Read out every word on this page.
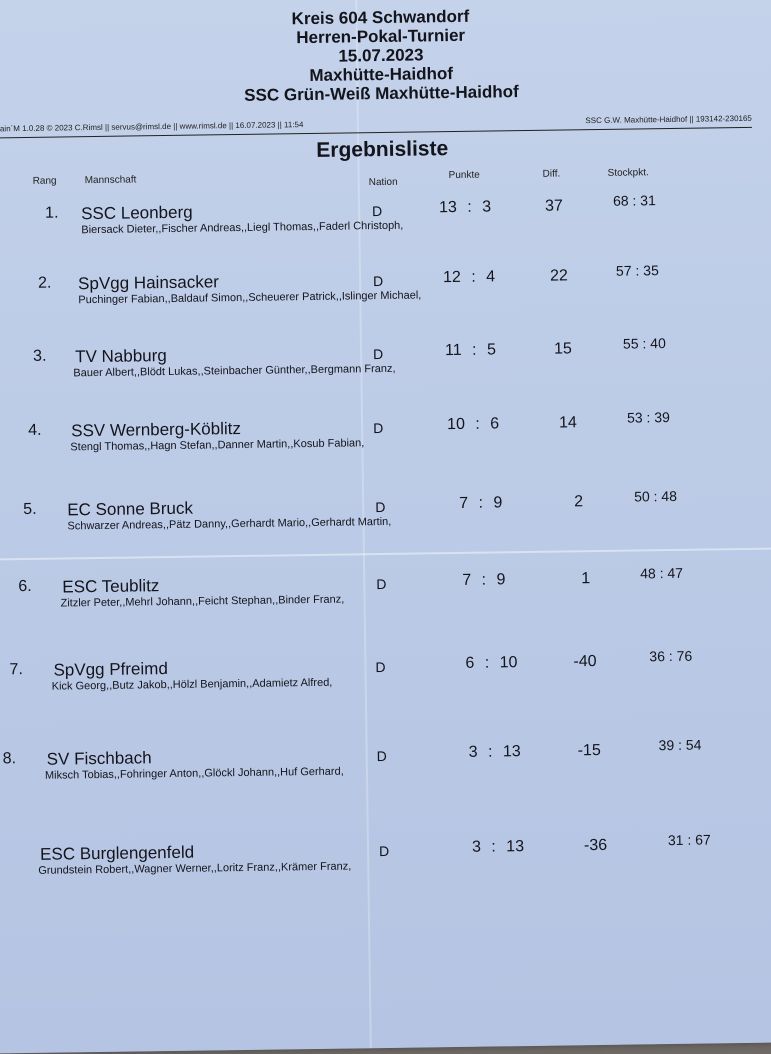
Kreis 604 Schwandorf
Herren-Pokal-Turnier
15.07.2023
Maxhütte-Haidhof
SSC Grün-Weiß Maxhütte-Haidhof
ain´M 1.0.28 © 2023 C.Rimsl || servus@rimsl.de || www.rimsl.de || 16.07.2023 || 11:54
SSC G.W. Maxhütte-Haidhof || 193142-230165
Ergebnisliste
Rang	Mannschaft	Nation
Punkte	Diff.	Stockpkt.
1. SSC Leonberg
Biersack Dieter,,Fischer Andreas,,Liegl Thomas,,Faderl Christoph,
D	13 : 3	37	68 : 31
2. SpVgg Hainsacker
Puchinger Fabian,,Baldauf Simon,,Scheuerer Patrick,,Islinger Michael,
D	12 : 4	22	57 : 35
3. TV Nabburg
Bauer Albert,,Blödt Lukas,,Steinbacher Günther,,Bergmann Franz,
D	11 : 5	15	55 : 40
4. SSV Wernberg-Köblitz
Stengl Thomas,,Hagn Stefan,,Danner Martin,,Kosub Fabian,
D	10 : 6	14	53 : 39
5. EC Sonne Bruck
Schwarzer Andreas,,Pätz Danny,,Gerhardt Mario,,Gerhardt Martin,
D	7 : 9	2	50 : 48
6. ESC Teublitz
Zitzler Peter,,Mehrl Johann,,Feicht Stephan,,Binder Franz,
D	7 : 9	1	48 : 47
7. SpVgg Pfreimd
Kick Georg,,Butz Jakob,,Hölzl Benjamin,,Adamietz Alfred,
D	6 : 10	-40	36 : 76
8. SV Fischbach
Miksch Tobias,,Fohringer Anton,,Glöckl Johann,,Huf Gerhard,
D	3 : 13	-15	39 : 54
ESC Burglengenfeld
Grundstein Robert,,Wagner Werner,,Loritz Franz,,Krämer Franz,
D	3 : 13	-36	31 : 67
